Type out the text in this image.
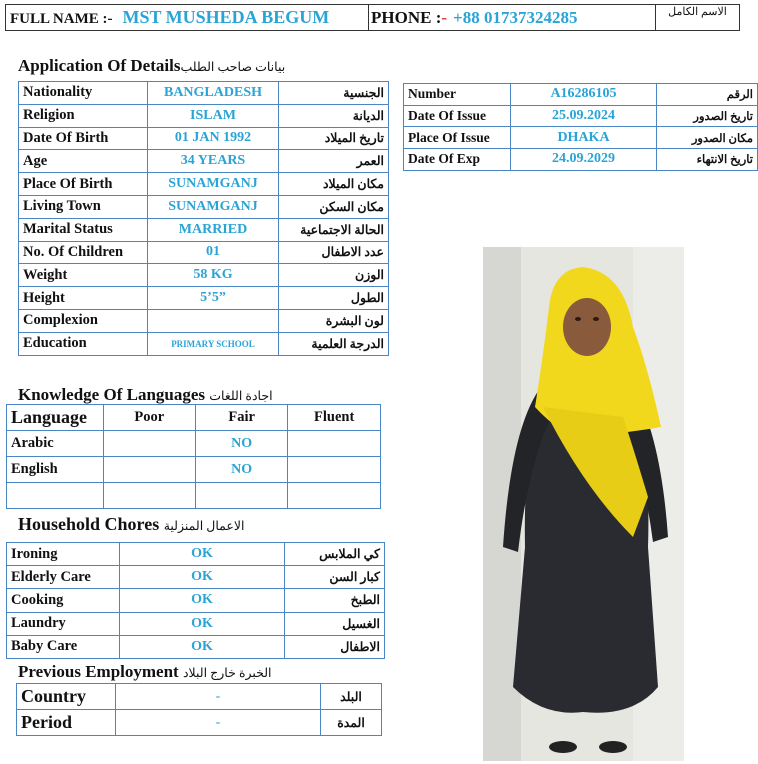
FULL NAME :- MST MUSHEDA BEGUM	PHONE :- +88 01737324285	الاسم الكامل
Application Of Detailsبيانات صاحب الطلب
Nationality	BANGLADESH	الجنسية
Religion	ISLAM	الديانة
Date Of Birth	01 JAN 1992	تاريخ الميلاد
Age	34 YEARS	العمر
Place Of Birth	SUNAMGANJ	مكان الميلاد
Living Town	SUNAMGANJ	مكان السكن
Marital Status	MARRIED	الحالة الاجتماعية
No. Of Children	01	عدد الاطفال
Weight	58 KG	الوزن
Height	5’5”	الطول
Complexion		لون البشرة
Education	PRIMARY SCHOOL	الدرجة العلمية
Number	A16286105	الرقم
Date Of Issue	25.09.2024	تاريخ الصدور
Place Of Issue	DHAKA	مكان الصدور
Date Of Exp	24.09.2029	تاريخ الانتهاء
Knowledge Of Languages اجادة اللغات
Language	Poor	Fair	Fluent
Arabic		NO	
English		NO	

Household Chores الاعمال المنزلية
Ironing	OK	كي الملابس
Elderly Care	OK	كبار السن
Cooking	OK	الطبخ
Laundry	OK	الغسيل
Baby Care	OK	الاطفال
Previous Employment الخبرة خارج البلاد
Country	-	البلد
Period	-	المدة
